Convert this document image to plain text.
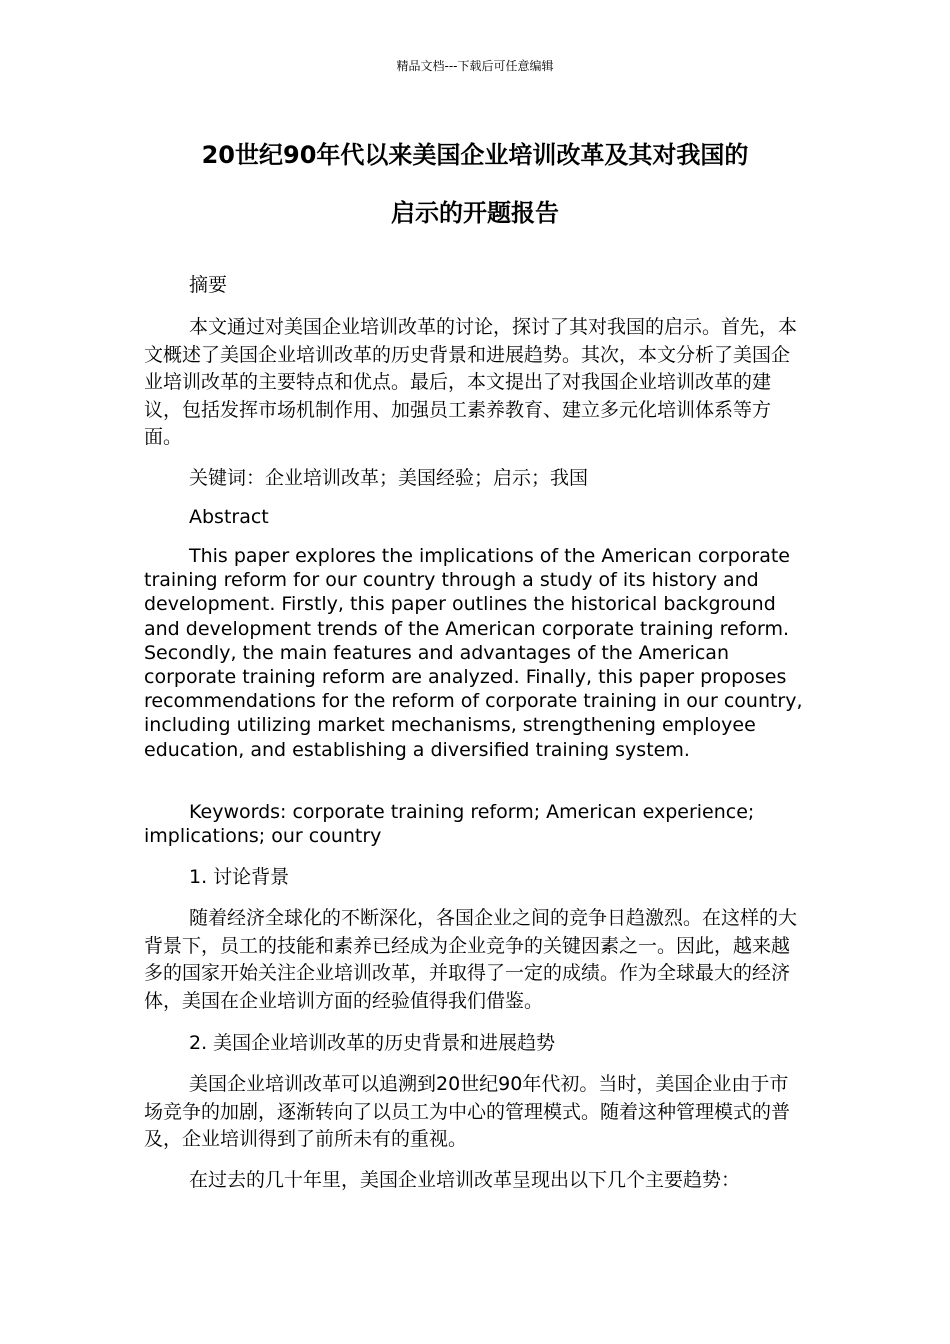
精品文档---下载后可任意编辑
20世纪90年代以来美国企业培训改革及其对我国的
启示的开题报告

摘要

本文通过对美国企业培训改革的讨论，探讨了其对我国的启示。首先，本文概述了美国企业培训改革的历史背景和进展趋势。其次，本文分析了美国企业培训改革的主要特点和优点。最后，本文提出了对我国企业培训改革的建议，包括发挥市场机制作用、加强员工素养教育、建立多元化培训体系等方面。

关键词：企业培训改革；美国经验；启示；我国

Abstract

This paper explores the implications of the American corporate training reform for our country through a study of its history and development. Firstly, this paper outlines the historical background and development trends of the American corporate training reform. Secondly, the main features and advantages of the American corporate training reform are analyzed. Finally, this paper proposes recommendations for the reform of corporate training in our country, including utilizing market mechanisms, strengthening employee education, and establishing a diversified training system.

Keywords: corporate training reform; American experience; implications; our country

1. 讨论背景

随着经济全球化的不断深化，各国企业之间的竞争日趋激烈。在这样的大背景下，员工的技能和素养已经成为企业竞争的关键因素之一。因此，越来越多的国家开始关注企业培训改革，并取得了一定的成绩。作为全球最大的经济体，美国在企业培训方面的经验值得我们借鉴。

2. 美国企业培训改革的历史背景和进展趋势

美国企业培训改革可以追溯到20世纪90年代初。当时，美国企业由于市场竞争的加剧，逐渐转向了以员工为中心的管理模式。随着这种管理模式的普及，企业培训得到了前所未有的重视。

在过去的几十年里，美国企业培训改革呈现出以下几个主要趋势：
